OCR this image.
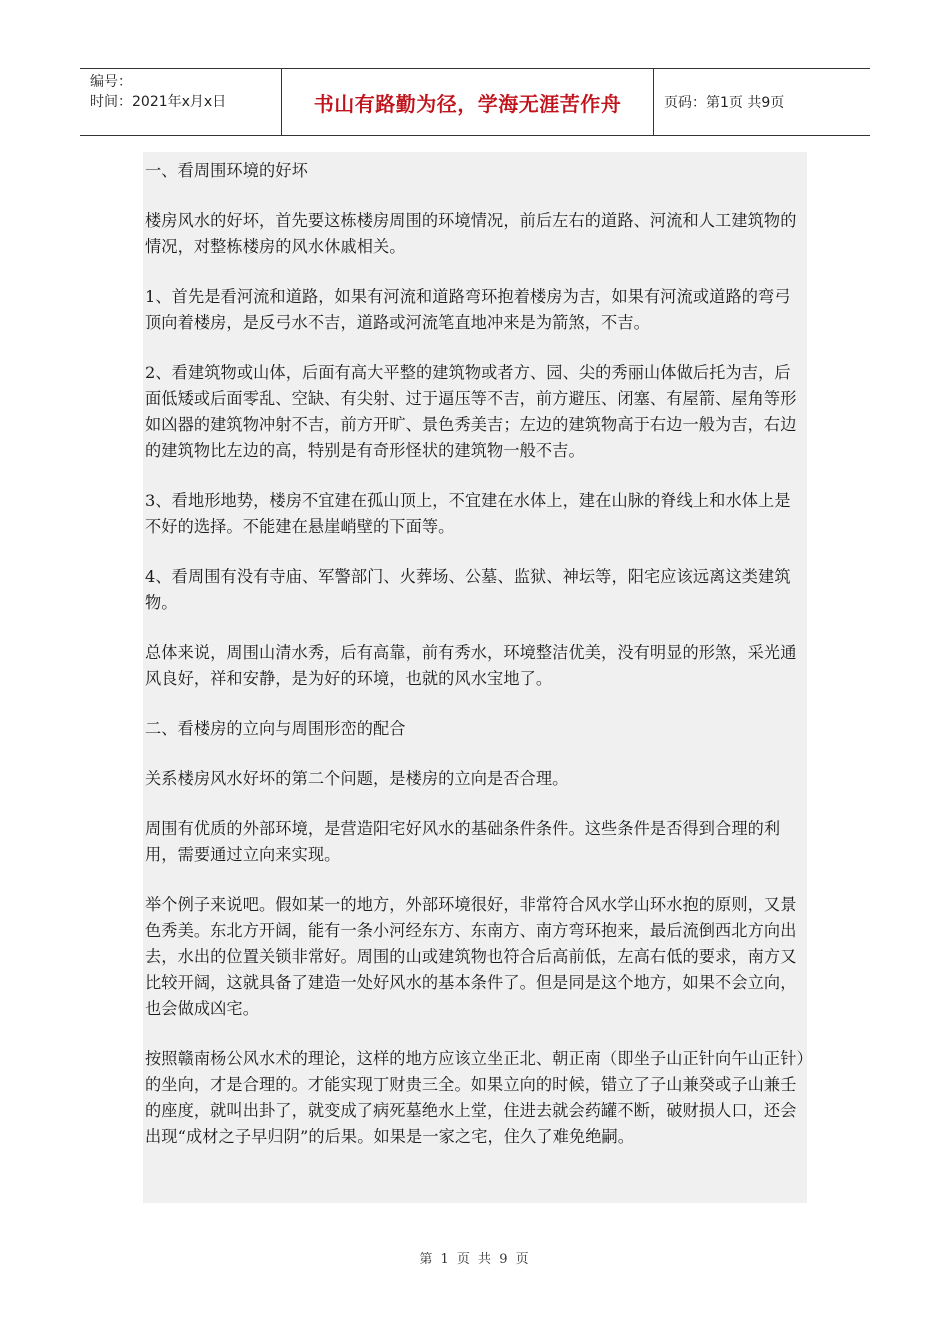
编号：
时间：2021年x月x日	书山有路勤为径，学海无涯苦作舟	页码：第1页 共9页

一、看周围环境的好坏

楼房风水的好坏，首先要这栋楼房周围的环境情况，前后左右的道路、河流和人工建筑物的情况，对整栋楼房的风水休戚相关。

1、首先是看河流和道路，如果有河流和道路弯环抱着楼房为吉，如果有河流或道路的弯弓顶向着楼房，是反弓水不吉，道路或河流笔直地冲来是为箭煞，不吉。

2、看建筑物或山体，后面有高大平整的建筑物或者方、园、尖的秀丽山体做后托为吉，后面低矮或后面零乱、空缺、有尖射、过于逼压等不吉，前方避压、闭塞、有屋箭、屋角等形如凶器的建筑物冲射不吉，前方开旷、景色秀美吉；左边的建筑物高于右边一般为吉，右边的建筑物比左边的高，特别是有奇形怪状的建筑物一般不吉。

3、看地形地势，楼房不宜建在孤山顶上，不宜建在水体上，建在山脉的脊线上和水体上是不好的选择。不能建在悬崖峭壁的下面等。

4、看周围有没有寺庙、军警部门、火葬场、公墓、监狱、神坛等，阳宅应该远离这类建筑物。

总体来说，周围山清水秀，后有高靠，前有秀水，环境整洁优美，没有明显的形煞，采光通风良好，祥和安静，是为好的环境，也就的风水宝地了。

二、看楼房的立向与周围形峦的配合

关系楼房风水好坏的第二个问题，是楼房的立向是否合理。

周围有优质的外部环境，是营造阳宅好风水的基础条件条件。这些条件是否得到合理的利用，需要通过立向来实现。

举个例子来说吧。假如某一的地方，外部环境很好，非常符合风水学山环水抱的原则，又景色秀美。东北方开阔，能有一条小河经东方、东南方、南方弯环抱来，最后流倒西北方向出去，水出的位置关锁非常好。周围的山或建筑物也符合后高前低，左高右低的要求，南方又比较开阔，这就具备了建造一处好风水的基本条件了。但是同是这个地方，如果不会立向，也会做成凶宅。

按照赣南杨公风水术的理论，这样的地方应该立坐正北、朝正南（即坐子山正针向午山正针）的坐向，才是合理的。才能实现丁财贵三全。如果立向的时候，错立了子山兼癸或子山兼壬的座度，就叫出卦了，就变成了病死墓绝水上堂，住进去就会药罐不断，破财损人口，还会出现“成材之子早归阴”的后果。如果是一家之宅，住久了难免绝嗣。

第 1 页 共 9 页
